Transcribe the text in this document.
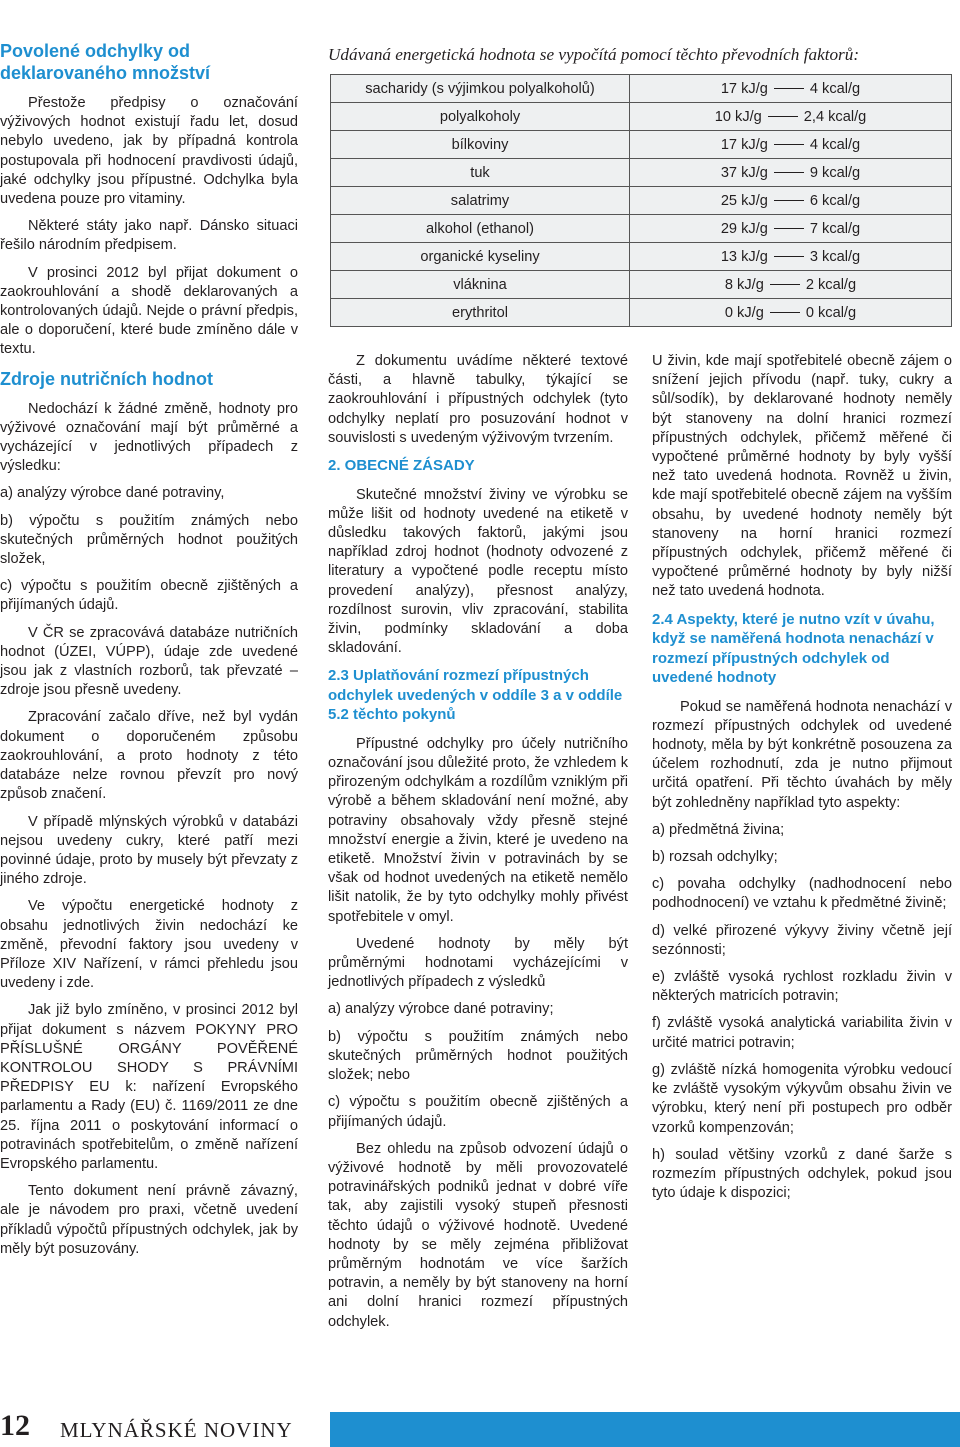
Povolené odchylky od deklarovaného množství

Přestože předpisy o označování výživových hodnot existují řadu let, dosud nebylo uvedeno, jak by případná kontrola postupovala při hodnocení pravdivosti údajů, jaké odchylky jsou přípustné. Odchylka byla uvedena pouze pro vitaminy.

Některé státy jako např. Dánsko situaci řešilo národním předpisem.

V prosinci 2012 byl přijat dokument o zaokrouhlování a shodě deklarovaných a kontrolovaných údajů. Nejde o právní předpis, ale o doporučení, které bude zmíněno dále v textu.

Zdroje nutričních hodnot

Nedochází k žádné změně, hodnoty pro výživové označování mají být průměrné a vycházející v jednotlivých případech z výsledku:

a) analýzy výrobce dané potraviny,

b) výpočtu s použitím známých nebo skutečných průměrných hodnot použitých složek,

c) výpočtu s použitím obecně zjištěných a přijímaných údajů.

V ČR se zpracovává databáze nutričních hodnot (ÚZEI, VÚPP), údaje zde uvedené jsou jak z vlastních rozborů, tak převzaté – zdroje jsou přesně uvedeny.

Zpracování začalo dříve, než byl vydán dokument o doporučeném způsobu zaokrouhlování, a proto hodnoty z této databáze nelze rovnou převzít pro nový způsob značení.

V případě mlýnských výrobků v databázi nejsou uvedeny cukry, které patří mezi povinné údaje, proto by musely být převzaty z jiného zdroje.

Ve výpočtu energetické hodnoty z obsahu jednotlivých živin nedochází ke změně, převodní faktory jsou uvedeny v Příloze XIV Nařízení, v rámci přehledu jsou uvedeny i zde.

Jak již bylo zmíněno, v prosinci 2012 byl přijat dokument s názvem POKYNY PRO PŘÍSLUŠNÉ ORGÁNY POVĚŘENÉ KONTROLOU SHODY S PRÁVNÍMI PŘEDPISY EU k: nařízení Evropského parlamentu a Rady (EU) č. 1169/2011 ze dne 25. října 2011 o poskytování informací o potravinách spotřebitelům, o změně nařízení Evropského parlamentu.

Tento dokument není právně závazný, ale je návodem pro praxi, včetně uvedení příkladů výpočtů přípustných odchylek, jak by měly být posuzovány.

Udávaná energetická hodnota se vypočítá pomocí těchto převodních faktorů:

sacharidy (s výjimkou polyalkoholů)	17 kJ/g 4 kcal/g
polyalkoholy	10 kJ/g 2,4 kcal/g
bílkoviny	17 kJ/g 4 kcal/g
tuk	37 kJ/g 9 kcal/g
salatrimy	25 kJ/g 6 kcal/g
alkohol (ethanol)	29 kJ/g 7 kcal/g
organické kyseliny	13 kJ/g 3 kcal/g
vláknina	8 kJ/g 2 kcal/g
erythritol	0 kJ/g 0 kcal/g

Z dokumentu uvádíme některé textové části, a hlavně tabulky, týkající se zaokrouhlování i přípustných odchylek (tyto odchylky neplatí pro posuzování hodnot v souvislosti s uvedeným výživovým tvrzením.

2. OBECNÉ ZÁSADY

Skutečné množství živiny ve výrobku se může lišit od hodnoty uvedené na etiketě v důsledku takových faktorů, jakými jsou například zdroj hodnot (hodnoty odvozené z literatury a vypočtené podle receptu místo provedení analýzy), přesnost analýzy, rozdílnost surovin, vliv zpracování, stabilita živin, podmínky skladování a doba skladování.

2.3 Uplatňování rozmezí přípustných odchylek uvedených v oddíle 3 a v oddíle 5.2 těchto pokynů

Přípustné odchylky pro účely nutričního označování jsou důležité proto, že vzhledem k přirozeným odchylkám a rozdílům vzniklým při výrobě a během skladování není možné, aby potraviny obsahovaly vždy přesně stejné množství energie a živin, které je uvedeno na etiketě. Množství živin v potravinách by se však od hodnot uvedených na etiketě nemělo lišit natolik, že by tyto odchylky mohly přivést spotřebitele v omyl.

Uvedené hodnoty by měly být průměrnými hodnotami vycházejícími v jednotlivých případech z výsledků

a) analýzy výrobce dané potraviny;

b) výpočtu s použitím známých nebo skutečných průměrných hodnot použitých složek; nebo

c) výpočtu s použitím obecně zjištěných a přijímaných údajů.

Bez ohledu na způsob odvození údajů o výživové hodnotě by měli provozovatelé potravinářských podniků jednat v dobré víře tak, aby zajistili vysoký stupeň přesnosti těchto údajů o výživové hodnotě. Uvedené hodnoty by se měly zejména přibližovat průměrným hodnotám ve více šaržích potravin, a neměly by být stanoveny na horní ani dolní hranici rozmezí přípustných odchylek.

U živin, kde mají spotřebitelé obecně zájem o snížení jejich přívodu (např. tuky, cukry a sůl/sodík), by deklarované hodnoty neměly být stanoveny na dolní hranici rozmezí přípustných odchylek, přičemž měřené či vypočtené průměrné hodnoty by byly vyšší než tato uvedená hodnota. Rovněž u živin, kde mají spotřebitelé obecně zájem na vyšším obsahu, by uvedené hodnoty neměly být stanoveny na horní hranici rozmezí přípustných odchylek, přičemž měřené či vypočtené průměrné hodnoty by byly nižší než tato uvedená hodnota.

2.4 Aspekty, které je nutno vzít v úvahu, když se naměřená hodnota nenachází v rozmezí přípustných odchylek od uvedené hodnoty

Pokud se naměřená hodnota nenachází v rozmezí přípustných odchylek od uvedené hodnoty, měla by být konkrétně posouzena za účelem rozhodnutí, zda je nutno přijmout určitá opatření. Při těchto úvahách by měly být zohledněny například tyto aspekty:

a) předmětná živina;

b) rozsah odchylky;

c) povaha odchylky (nadhodnocení nebo podhodnocení) ve vztahu k předmětné živině;

d) velké přirozené výkyvy živiny včetně její sezónnosti;

e) zvláště vysoká rychlost rozkladu živin v některých matricích potravin;

f) zvláště vysoká analytická variabilita živin v určité matrici potravin;

g) zvláště nízká homogenita výrobku vedoucí ke zvláště vysokým výkyvům obsahu živin ve výrobku, který není při postupech pro odběr vzorků kompenzován;

h) soulad většiny vzorků z dané šarže s rozmezím přípustných odchylek, pokud jsou tyto údaje k dispozici;

12 MLYNÁŘSKÉ NOVINY
